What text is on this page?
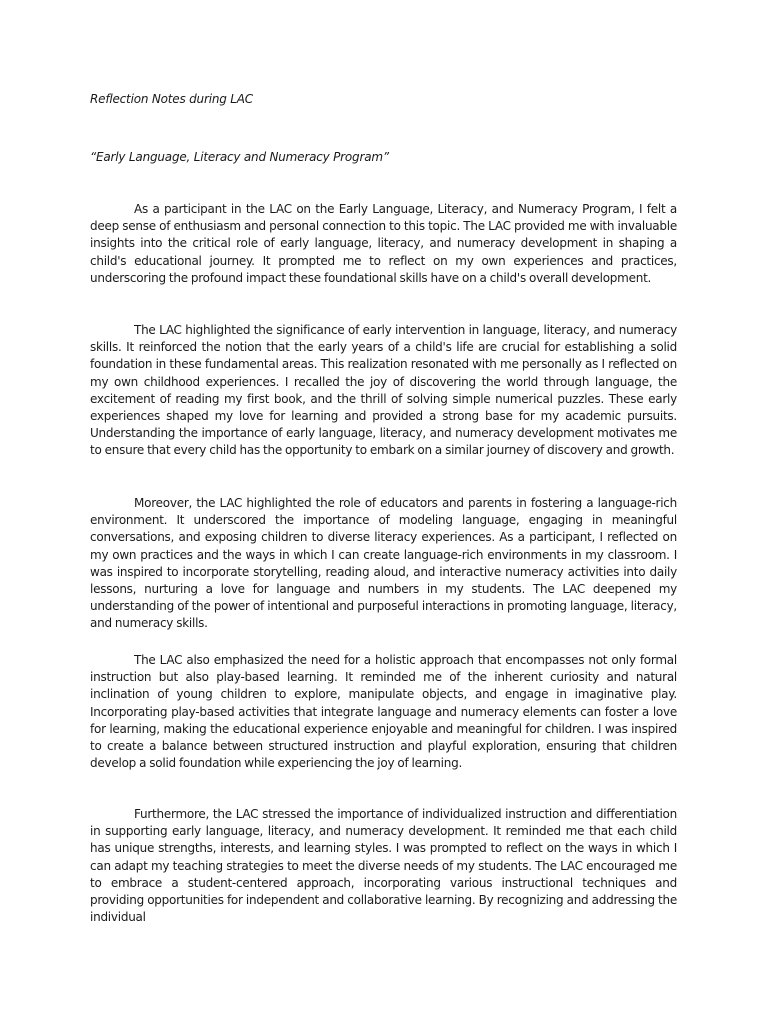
Reflection Notes during LAC
“Early Language, Literacy and Numeracy Program”

As a participant in the LAC on the Early Language, Literacy, and Numeracy Program, I felt a deep sense of enthusiasm and personal connection to this topic. The LAC provided me with invaluable insights into the critical role of early language, literacy, and numeracy development in shaping a child's educational journey. It prompted me to reflect on my own experiences and practices, underscoring the profound impact these foundational skills have on a child's overall development.

The LAC highlighted the significance of early intervention in language, literacy, and numeracy skills. It reinforced the notion that the early years of a child's life are crucial for establishing a solid foundation in these fundamental areas. This realization resonated with me personally as I reflected on my own childhood experiences. I recalled the joy of discovering the world through language, the excitement of reading my first book, and the thrill of solving simple numerical puzzles. These early experiences shaped my love for learning and provided a strong base for my academic pursuits. Understanding the importance of early language, literacy, and numeracy development motivates me to ensure that every child has the opportunity to embark on a similar journey of discovery and growth.

Moreover, the LAC highlighted the role of educators and parents in fostering a language-rich environment. It underscored the importance of modeling language, engaging in meaningful conversations, and exposing children to diverse literacy experiences. As a participant, I reflected on my own practices and the ways in which I can create language-rich environments in my classroom. I was inspired to incorporate storytelling, reading aloud, and interactive numeracy activities into daily lessons, nurturing a love for language and numbers in my students. The LAC deepened my understanding of the power of intentional and purposeful interactions in promoting language, literacy, and numeracy skills.

The LAC also emphasized the need for a holistic approach that encompasses not only formal instruction but also play-based learning. It reminded me of the inherent curiosity and natural inclination of young children to explore, manipulate objects, and engage in imaginative play. Incorporating play-based activities that integrate language and numeracy elements can foster a love for learning, making the educational experience enjoyable and meaningful for children. I was inspired to create a balance between structured instruction and playful exploration, ensuring that children develop a solid foundation while experiencing the joy of learning.

Furthermore, the LAC stressed the importance of individualized instruction and differentiation in supporting early language, literacy, and numeracy development. It reminded me that each child has unique strengths, interests, and learning styles. I was prompted to reflect on the ways in which I can adapt my teaching strategies to meet the diverse needs of my students. The LAC encouraged me to embrace a student-centered approach, incorporating various instructional techniques and providing opportunities for independent and collaborative learning. By recognizing and addressing the individual
